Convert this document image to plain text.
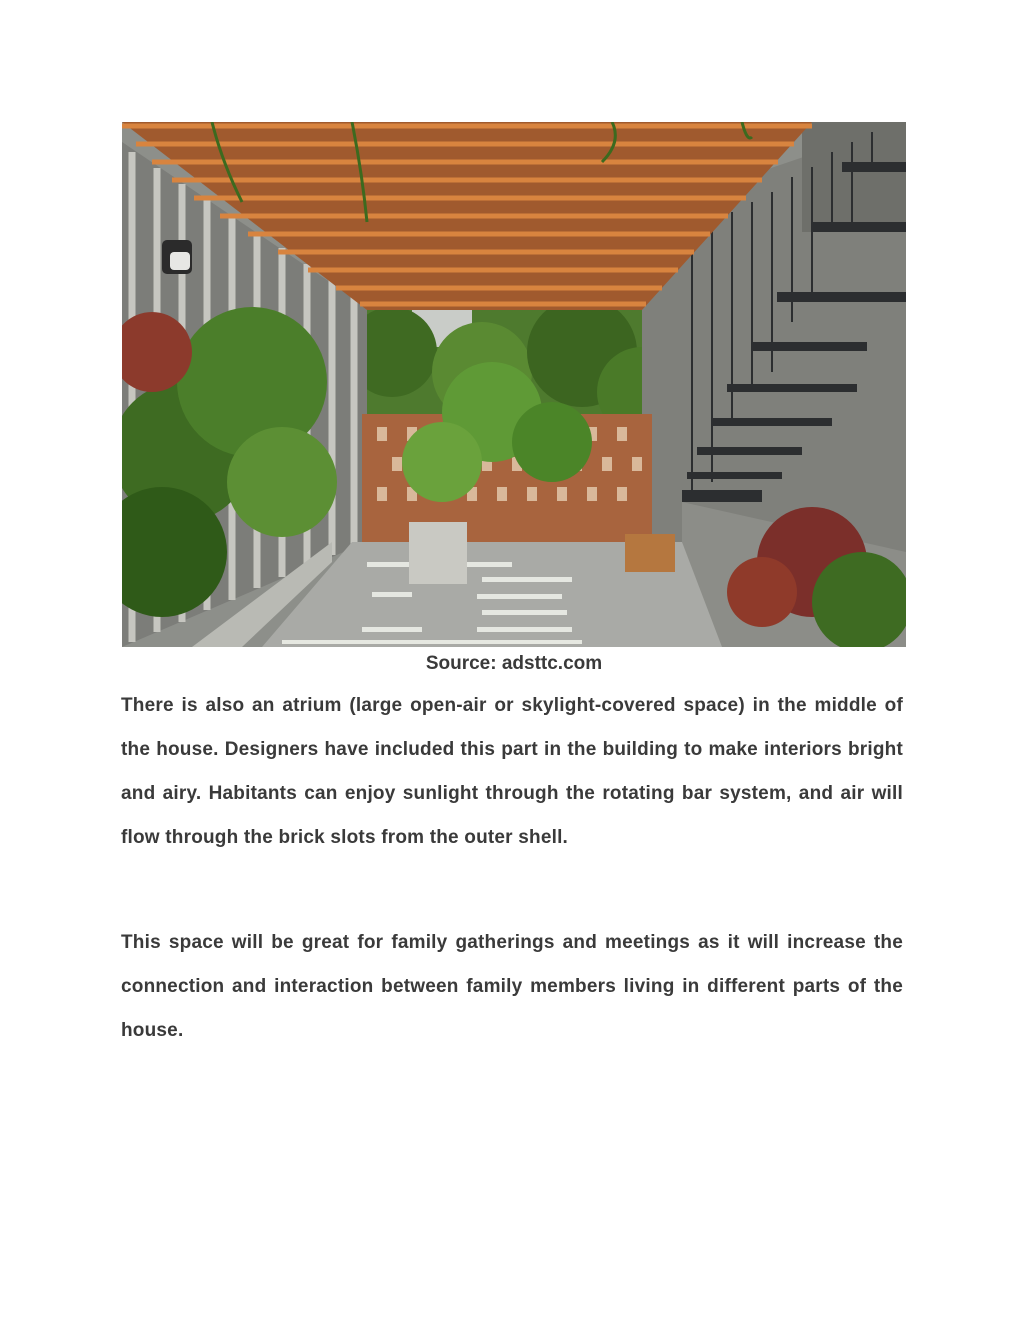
Source: adsttc.com

There is also an atrium (large open-air or skylight-covered space) in the middle of the house. Designers have included this part in the building to make interiors bright and airy. Habitants can enjoy sunlight through the rotating bar system, and air will flow through the brick slots from the outer shell.

This space will be great for family gatherings and meetings as it will increase the connection and interaction between family members living in different parts of the house.
